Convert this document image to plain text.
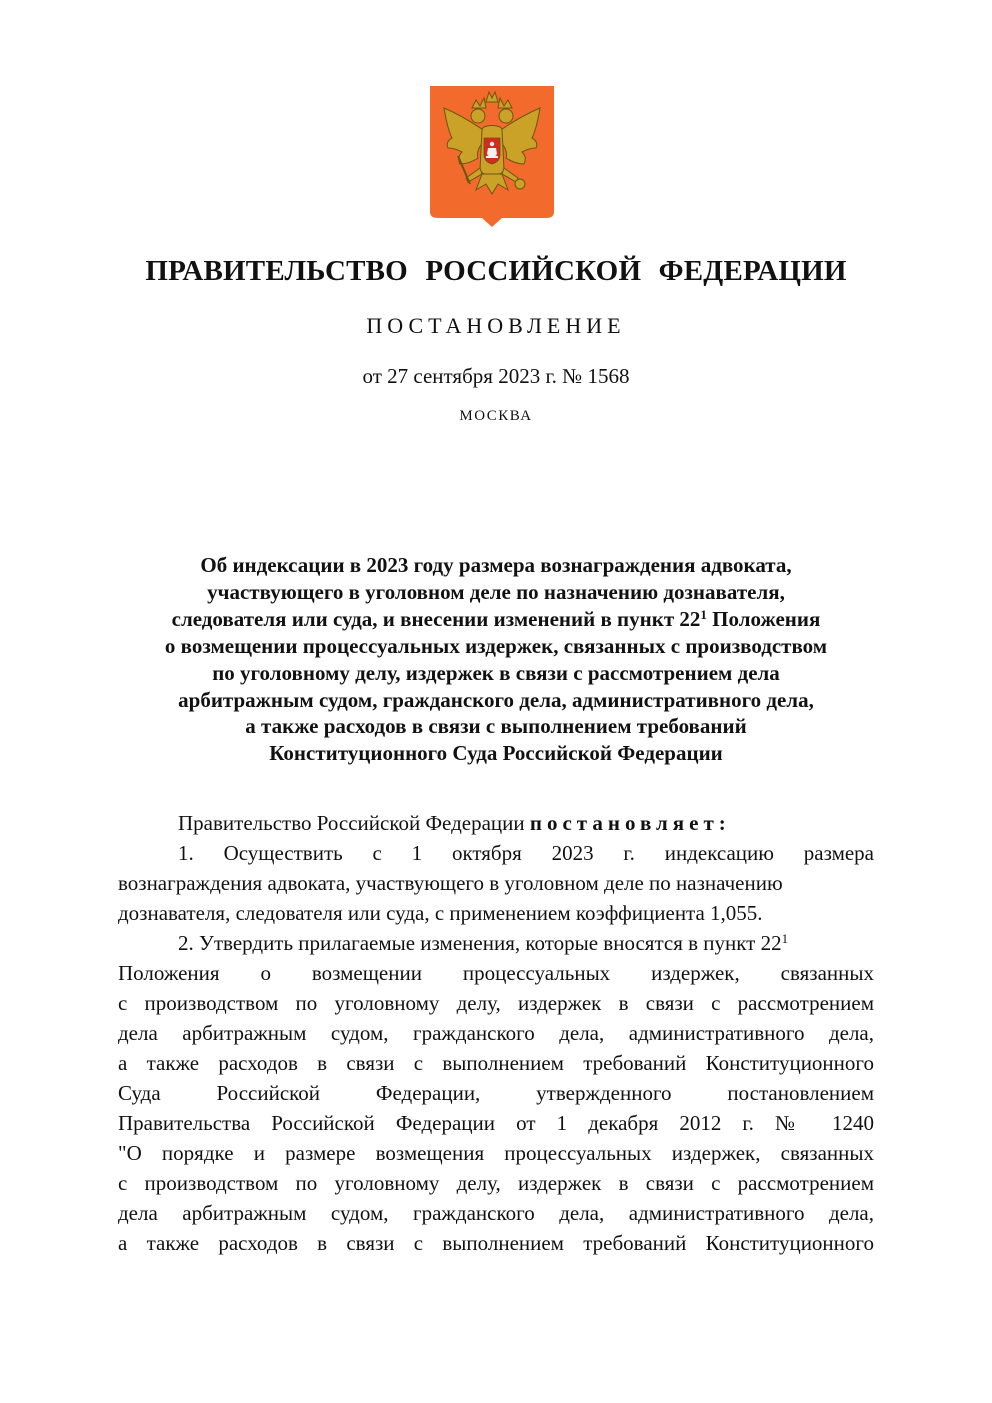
ПРАВИТЕЛЬСТВО РОССИЙСКОЙ ФЕДЕРАЦИИ
ПОСТАНОВЛЕНИЕ
от 27 сентября 2023 г. № 1568
МОСКВА
Об индексации в 2023 году размера вознаграждения адвоката,
участвующего в уголовном деле по назначению дознавателя,
следователя или суда, и внесении изменений в пункт $22^1$ Положения
о возмещении процессуальных издержек, связанных с производством
по уголовному делу, издержек в связи с рассмотрением дела
арбитражным судом, гражданского дела, административного дела,
а также расходов в связи с выполнением требований
Конституционного Суда Российской Федерации
Правительство Российской Федерации постановляет:
1. Осуществить с 1 октября 2023 г. индексацию размера
вознаграждения адвоката, участвующего в уголовном деле по назначению
дознавателя, следователя или суда, с применением коэффициента 1,055.
2. Утвердить прилагаемые изменения, которые вносятся в пункт $22^1$
Положения о возмещении процессуальных издержек, связанных
с производством по уголовному делу, издержек в связи с рассмотрением
дела арбитражным судом, гражданского дела, административного дела,
а также расходов в связи с выполнением требований Конституционного
Суда Российской Федерации, утвержденного постановлением
Правительства Российской Федерации от 1 декабря 2012 г. № 1240
"О порядке и размере возмещения процессуальных издержек, связанных
с производством по уголовному делу, издержек в связи с рассмотрением
дела арбитражным судом, гражданского дела, административного дела,
а также расходов в связи с выполнением требований Конституционного
